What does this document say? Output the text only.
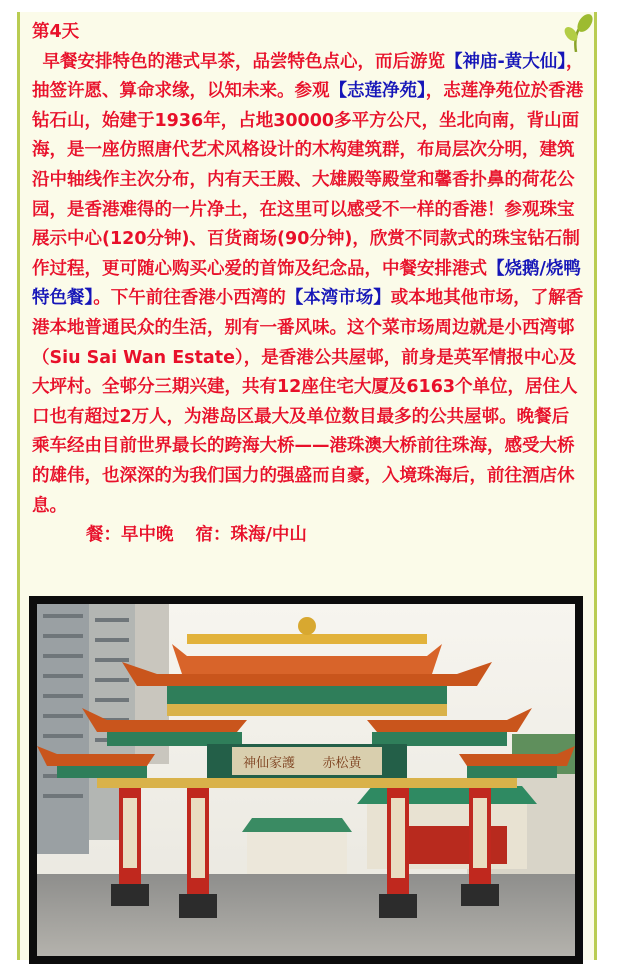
第4天

早餐安排特色的港式早茶，品尝特色点心，而后游览【神庙-黄大仙】，抽签许愿、算命求缘，以知未来。参观【志莲净苑】，志莲净苑位於香港钻石山，始建于1936年，占地30000多平方公尺，坐北向南，背山面海，是一座仿照唐代艺术风格设计的木构建筑群，布局层次分明，建筑沿中轴线作主次分布，内有天王殿、大雄殿等殿堂和馨香扑鼻的荷花公园，是香港难得的一片净土，在这里可以感受不一样的香港！参观珠宝展示中心(120分钟)、百货商场(90分钟)，欣赏不同款式的珠宝钻石制作过程，更可随心购买心爱的首饰及纪念品，中餐安排港式【烧鹅/烧鸭特色餐】。下午前往香港小西湾的【本湾市场】或本地其他市场，了解香港本地普通民众的生活，别有一番风味。这个菜市场周边就是小西湾邨（Siu Sai Wan Estate），是香港公共屋邨，前身是英军情报中心及大坪村。全邨分三期兴建，共有12座住宅大厦及6163个单位，居住人口也有超过2万人，为港岛区最大及单位数目最多的公共屋邨。晚餐后乘车经由目前世界最长的跨海大桥——港珠澳大桥前往珠海，感受大桥的雄伟，也深深的为我们国力的强盛而自豪，入境珠海后，前往酒店休息。

餐：早中晚 宿：珠海/中山

神仙家護 赤松黄
